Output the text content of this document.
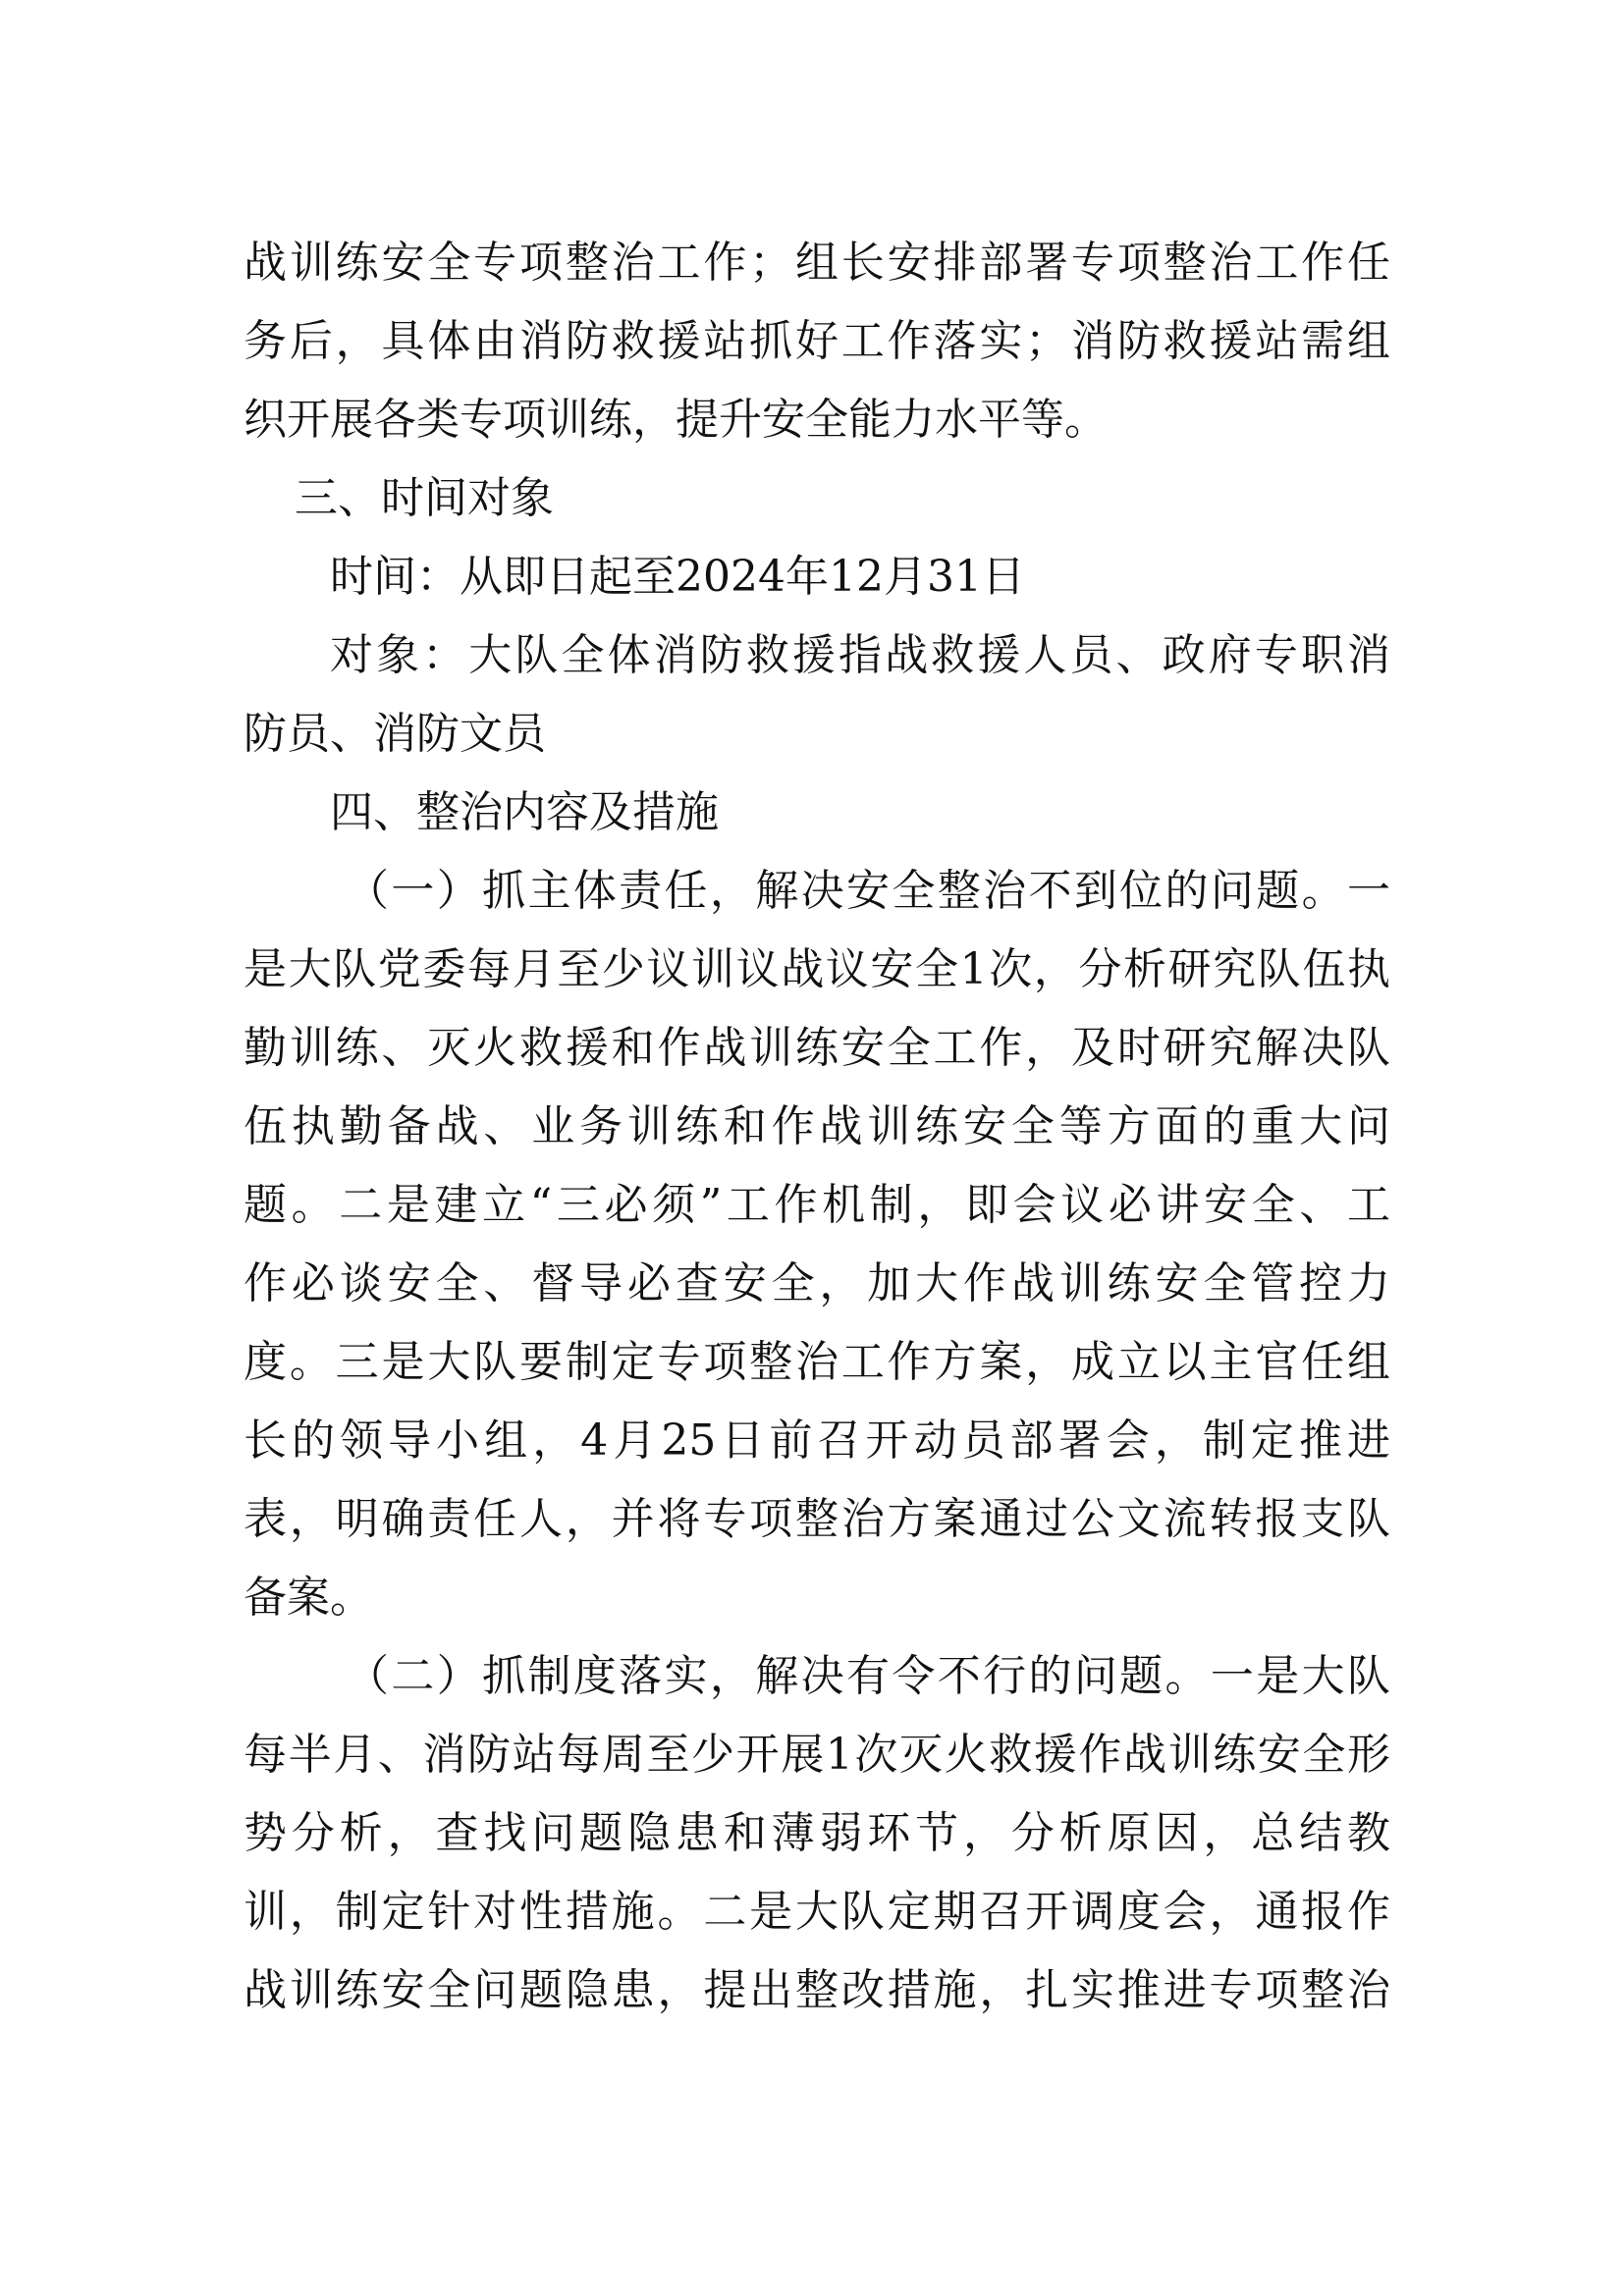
战训练安全专项整治工作；组长安排部署专项整治工作任

务后，具体由消防救援站抓好工作落实；消防救援站需组

织开展各类专项训练，提升安全能力水平等。

三、时间对象

时间：从即日起至2024年12月31日

对象：大队全体消防救援指战救援人员、政府专职消

防员、消防文员

四、整治内容及措施

（一）抓主体责任，解决安全整治不到位的问题。一

是大队党委每月至少议训议战议安全1次，分析研究队伍执

勤训练、灭火救援和作战训练安全工作，及时研究解决队

伍执勤备战、业务训练和作战训练安全等方面的重大问

题。二是建立“三必须”工作机制，即会议必讲安全、工

作必谈安全、督导必查安全，加大作战训练安全管控力

度。三是大队要制定专项整治工作方案，成立以主官任组

长的领导小组，4月25日前召开动员部署会，制定推进

表，明确责任人，并将专项整治方案通过公文流转报支队

备案。

（二）抓制度落实，解决有令不行的问题。一是大队

每半月、消防站每周至少开展1次灭火救援作战训练安全形

势分析，查找问题隐患和薄弱环节，分析原因，总结教

训，制定针对性措施。二是大队定期召开调度会，通报作

战训练安全问题隐患，提出整改措施，扎实推进专项整治
